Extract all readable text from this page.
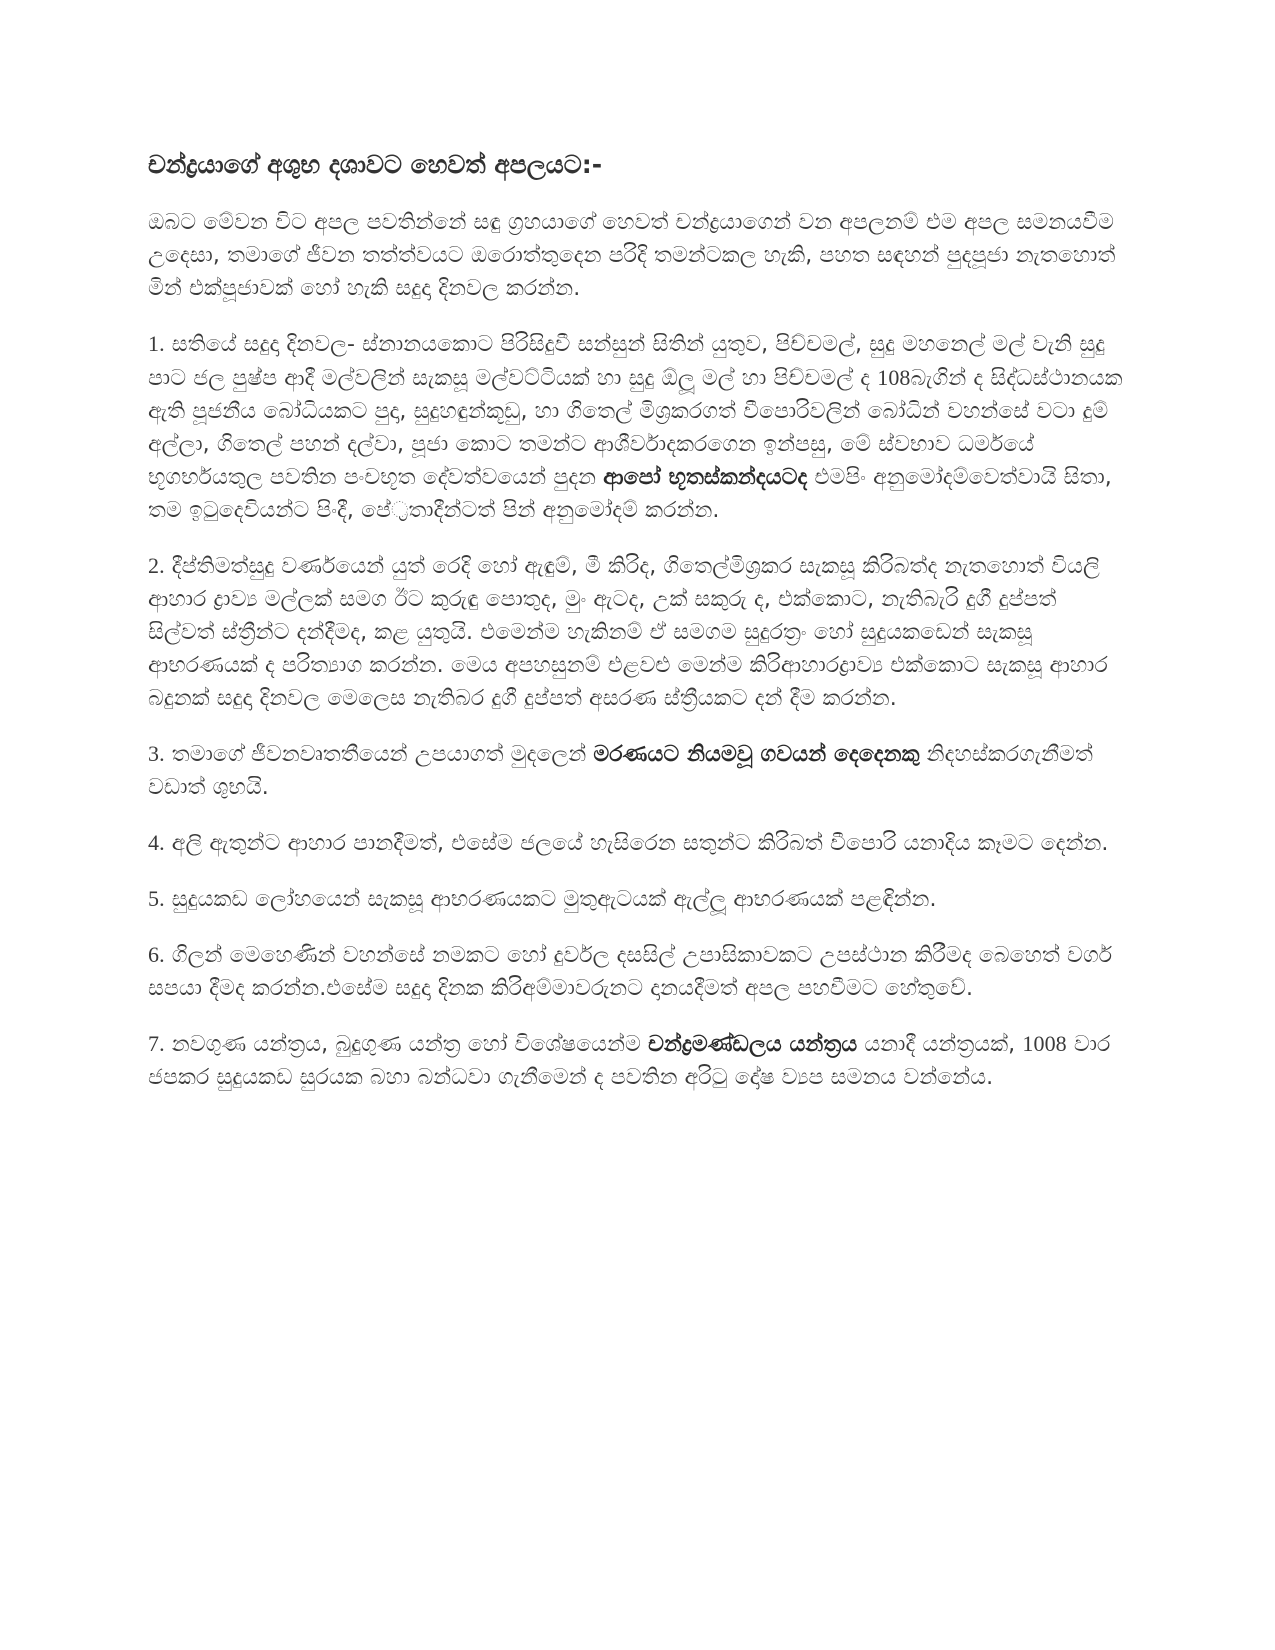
චන්ද්‍රයාගේ අශුභ දශාවට හෙවත් අපලයට:-

ඔබට මේවන විට අපල පවතින්නේ සඳු ග්‍රහයාගේ හෙවත් චන්ද්‍රයාගෙන් වන අපලනම් එම අපල සමනයවීම උදෙසා, තමාගේ ජීවන තත්ත්වයට ඔරොත්තුදෙන පරිදි තමන්ටකල හැකි, පහත සඳහන් පුදපූජා නැතහොත් මින් එක්පූජාවක් හෝ හැකි සදුදා දිනවල කරන්න.

1. සතියේ සදුදා දිනවල- ස්නානයකොට පිරිසිදුවී සන්සුන් සිතින් යුතුව, පිච්චමල්, සුදු මහනෙල් මල් වැනි සුදු පාට ජල පුෂ්ප ආදී මල්වලින් සැකසූ මල්වට්ටියක් හා සුදු ඕලූ මල් හා පිච්චමල් ද 108බැගින් ද සිද්ධස්ථානයක ඇති පූජනීය බෝධියකට පුදා, සුදුහඳුන්කූඩු, හා ගිතෙල් මිශ්‍රකරගත් වීපොරිවලින් බෝධින් වහන්සේ වටා දුම් අල්ලා, ගිතෙල් පහන් දල්වා, පූජා කොට තමන්ට ආශීර්වාදකරගෙන ඉන්පසු, මේ ස්වභාව ධර්මයේ භූගර්භයතුල පවතින පංචභූත දේවත්වයෙන් පුදන ආපෝ භූතස්කන්දයටද එමපිං අනුමෝදම්වෙත්වායි සිතා, තම ඉටුදෙවියන්ට පිංදී, පේ්‍රතාදීන්ටත් පින් අනුමෝදම් කරන්න.

2. දීප්තිමත්සුදු වර්ණයෙන් යුත් රෙදි හෝ ඇඳුම්, මී කිරිද, ගිතෙල්මිශ්‍රකර සැකසූ කිරිබත්ද නැතහොත් වියලි ආහාර ද්‍රාව්‍ය මල්ලක් සමග ඊට කුරුඳු පොතුද, මුං ඇටද, උක් සකුරු ද, එක්කොට, නැතිබැරි දුගී දුප්පත් සිල්වත් ස්ත්‍රීන්ට දන්දීමද, කළ යුතුයි. එමෙන්ම හැකිනම් ඒ සමගම සුදුරත්‍රං හෝ සුදුයකඩෙන් සැකසූ ආභරණයක් ද පරිත්‍යාග කරන්න. මෙය අපහසුනම් එළවළු මෙන්ම කිරිආහාරද්‍රාව්‍ය එක්කොට සැකසූ ආහාර බදුනක් සදුදා දිනවල මෙලෙස නැතිබර දුගී දුප්පත් අසරණ ස්ත්‍රීයකට දන් දීම කරන්න.

3. තමාගේ ජීවනවෘතතීයෙන් උපයාගත් මුදලෙන් මරණයට නියමවූ ගවයන් දෙදෙනකු නිදහස්කරගැනීමත් වඩාත් ශුභයි.

4. අලි ඇතුන්ට ආහාර පානදීමත්, එසේම ජලයේ හැසිරෙන සතුන්ට කිරිබත් වීපොරි යනාදිය කෑමට දෙන්න.

5. සුදුයකඩ ලෝහයෙන් සැකසූ ආභරණයකට මුතුඇටයක් ඇල්ලූ ආභරණයක් පළඳින්න.

6. ගිලන් මෙහෙණින් වහන්සේ නමකට හෝ දුර්වල දසසිල් උපාසිකාවකට උපස්ථාන කිරීමද බෙහෙත් වර්ග සපයා දීමද කරන්න.එසේම සදුදා දිනක කිරිඅම්මාවරුනට දානයදීමත් අපල පහවීමට හේතුවේ.

7. නවගුණ යන්ත්‍රය, බුදුගුණ යන්ත්‍ර හෝ විශේෂයෙන්ම චන්ද්‍රමණ්ඩලය යන්ත්‍රය යනාදී යන්ත්‍රයක්, 1008 වාර ජපකර සුදුයකඩ සුරයක බහා බන්ධවා ගැනීමෙන් ද පවතින අරිටු දෝෂ ව්‍යප සමනය වන්නේය.
